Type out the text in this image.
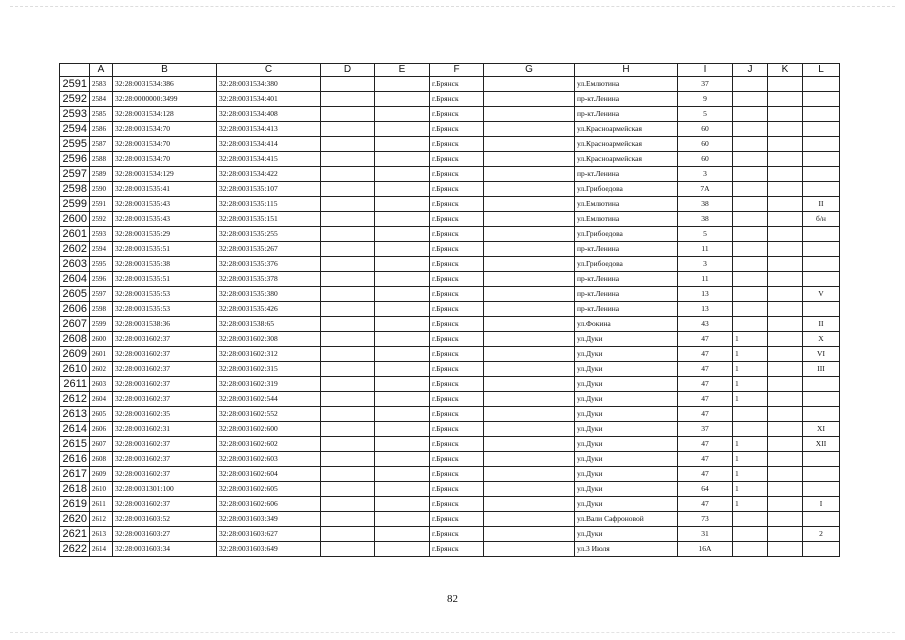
	A	B	C	D	E	F	G	H	I	J	K	L
2591	2583	32:28:0031534:386	32:28:0031534:380			г.Брянск		ул.Емлютина	37			
2592	2584	32:28:0000000:3499	32:28:0031534:401			г.Брянск		пр-кт.Ленина	9			
2593	2585	32:28:0031534:128	32:28:0031534:408			г.Брянск		пр-кт.Ленина	5			
2594	2586	32:28:0031534:70	32:28:0031534:413			г.Брянск		ул.Красноармейская	60			
2595	2587	32:28:0031534:70	32:28:0031534:414			г.Брянск		ул.Красноармейская	60			
2596	2588	32:28:0031534:70	32:28:0031534:415			г.Брянск		ул.Красноармейская	60			
2597	2589	32:28:0031534:129	32:28:0031534:422			г.Брянск		пр-кт.Ленина	3			
2598	2590	32:28:0031535:41	32:28:0031535:107			г.Брянск		ул.Грибоедова	7А			
2599	2591	32:28:0031535:43	32:28:0031535:115			г.Брянск		ул.Емлютина	38			II
2600	2592	32:28:0031535:43	32:28:0031535:151			г.Брянск		ул.Емлютина	38			б/н
2601	2593	32:28:0031535:29	32:28:0031535:255			г.Брянск		ул.Грибоедова	5			
2602	2594	32:28:0031535:51	32:28:0031535:267			г.Брянск		пр-кт.Ленина	11			
2603	2595	32:28:0031535:38	32:28:0031535:376			г.Брянск		ул.Грибоедова	3			
2604	2596	32:28:0031535:51	32:28:0031535:378			г.Брянск		пр-кт.Ленина	11			
2605	2597	32:28:0031535:53	32:28:0031535:380			г.Брянск		пр-кт.Ленина	13			V
2606	2598	32:28:0031535:53	32:28:0031535:426			г.Брянск		пр-кт.Ленина	13			
2607	2599	32:28:0031538:36	32:28:0031538:65			г.Брянск		ул.Фокина	43			II
2608	2600	32:28:0031602:37	32:28:0031602:308			г.Брянск		ул.Дуки	47	1		X
2609	2601	32:28:0031602:37	32:28:0031602:312			г.Брянск		ул.Дуки	47	1		VI
2610	2602	32:28:0031602:37	32:28:0031602:315			г.Брянск		ул.Дуки	47	1		III
2611	2603	32:28:0031602:37	32:28:0031602:319			г.Брянск		ул.Дуки	47	1		
2612	2604	32:28:0031602:37	32:28:0031602:544			г.Брянск		ул.Дуки	47	1		
2613	2605	32:28:0031602:35	32:28:0031602:552			г.Брянск		ул.Дуки	47			
2614	2606	32:28:0031602:31	32:28:0031602:600			г.Брянск		ул.Дуки	37			XI
2615	2607	32:28:0031602:37	32:28:0031602:602			г.Брянск		ул.Дуки	47	1		XII
2616	2608	32:28:0031602:37	32:28:0031602:603			г.Брянск		ул.Дуки	47	1		
2617	2609	32:28:0031602:37	32:28:0031602:604			г.Брянск		ул.Дуки	47	1		
2618	2610	32:28:0031301:100	32:28:0031602:605			г.Брянск		ул.Дуки	64	1		
2619	2611	32:28:0031602:37	32:28:0031602:606			г.Брянск		ул.Дуки	47	1		I
2620	2612	32:28:0031603:52	32:28:0031603:349			г.Брянск		ул.Вали Сафроновой	73			
2621	2613	32:28:0031603:27	32:28:0031603:627			г.Брянск		ул.Дуки	31			2
2622	2614	32:28:0031603:34	32:28:0031603:649			г.Брянск		ул.3 Июля	16А			
82
